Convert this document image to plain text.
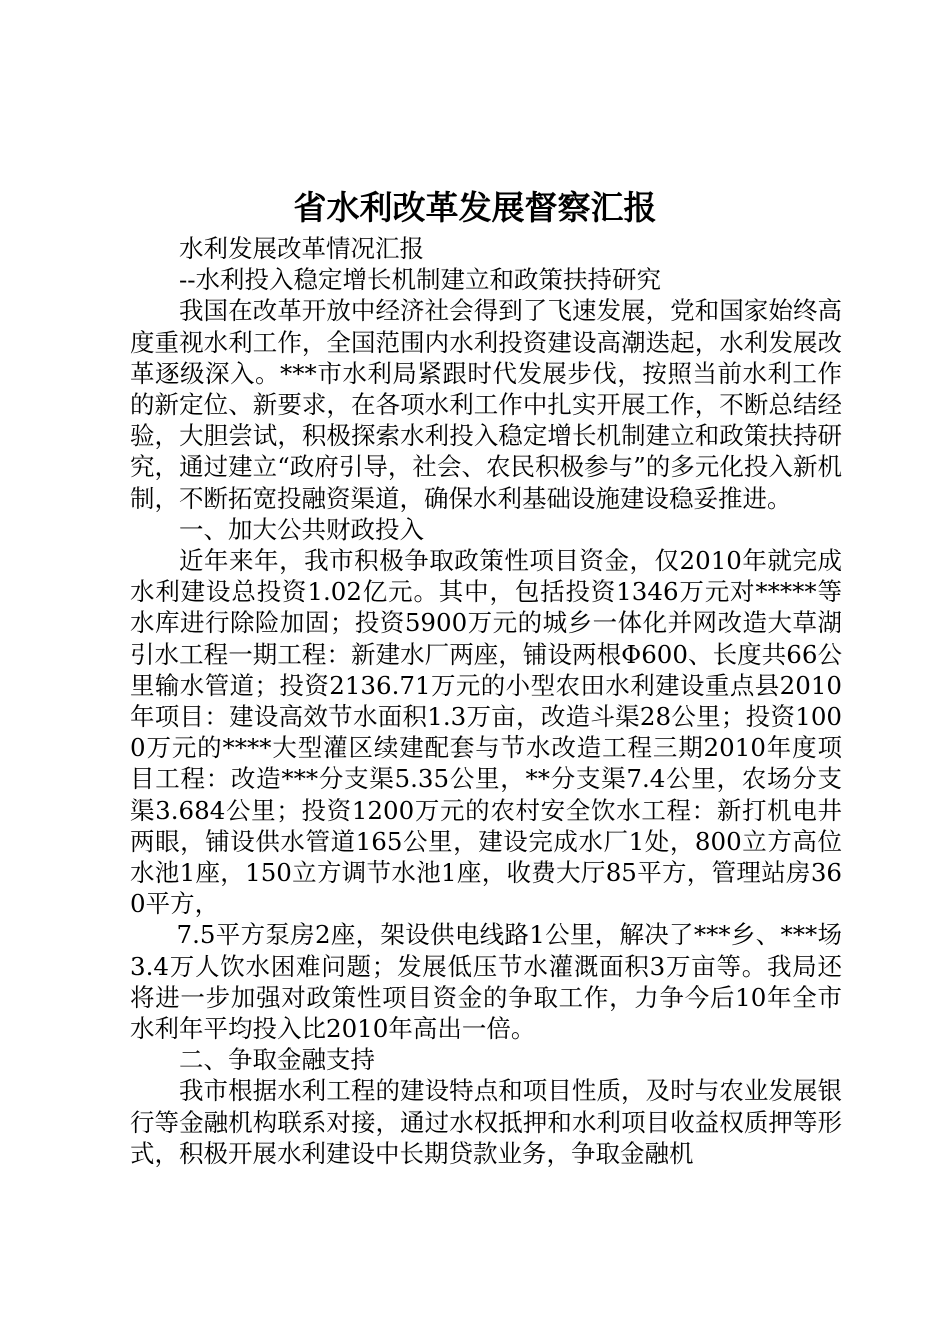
省水利改革发展督察汇报

水利发展改革情况汇报

--水利投入稳定增长机制建立和政策扶持研究

我国在改革开放中经济社会得到了飞速发展，党和国家始终高度重视水利工作，全国范围内水利投资建设高潮迭起，水利发展改革逐级深入。***市水利局紧跟时代发展步伐，按照当前水利工作的新定位、新要求，在各项水利工作中扎实开展工作，不断总结经验，大胆尝试，积极探索水利投入稳定增长机制建立和政策扶持研究，通过建立“政府引导，社会、农民积极参与”的多元化投入新机制，不断拓宽投融资渠道，确保水利基础设施建设稳妥推进。

一、加大公共财政投入

近年来年，我市积极争取政策性项目资金，仅2010年就完成水利建设总投资1.02亿元。其中，包括投资1346万元对*****等水库进行除险加固；投资5900万元的城乡一体化并网改造大草湖引水工程一期工程：新建水厂两座，铺设两根Φ600、长度共66公里输水管道；投资2136.71万元的小型农田水利建设重点县2010年项目：建设高效节水面积1.3万亩，改造斗渠28公里；投资1000万元的****大型灌区续建配套与节水改造工程三期2010年度项目工程：改造***分支渠5.35公里，**分支渠7.4公里，农场分支渠3.684公里；投资1200万元的农村安全饮水工程：新打机电井两眼，铺设供水管道165公里，建设完成水厂1处，800立方高位水池1座，150立方调节水池1座，收费大厅85平方，管理站房360平方，

7.5平方泵房2座，架设供电线路1公里，解决了***乡、***场3.4万人饮水困难问题；发展低压节水灌溉面积3万亩等。我局还将进一步加强对政策性项目资金的争取工作，力争今后10年全市水利年平均投入比2010年高出一倍。

二、争取金融支持

我市根据水利工程的建设特点和项目性质，及时与农业发展银行等金融机构联系对接，通过水权抵押和水利项目收益权质押等形式，积极开展水利建设中长期贷款业务，争取金融机
